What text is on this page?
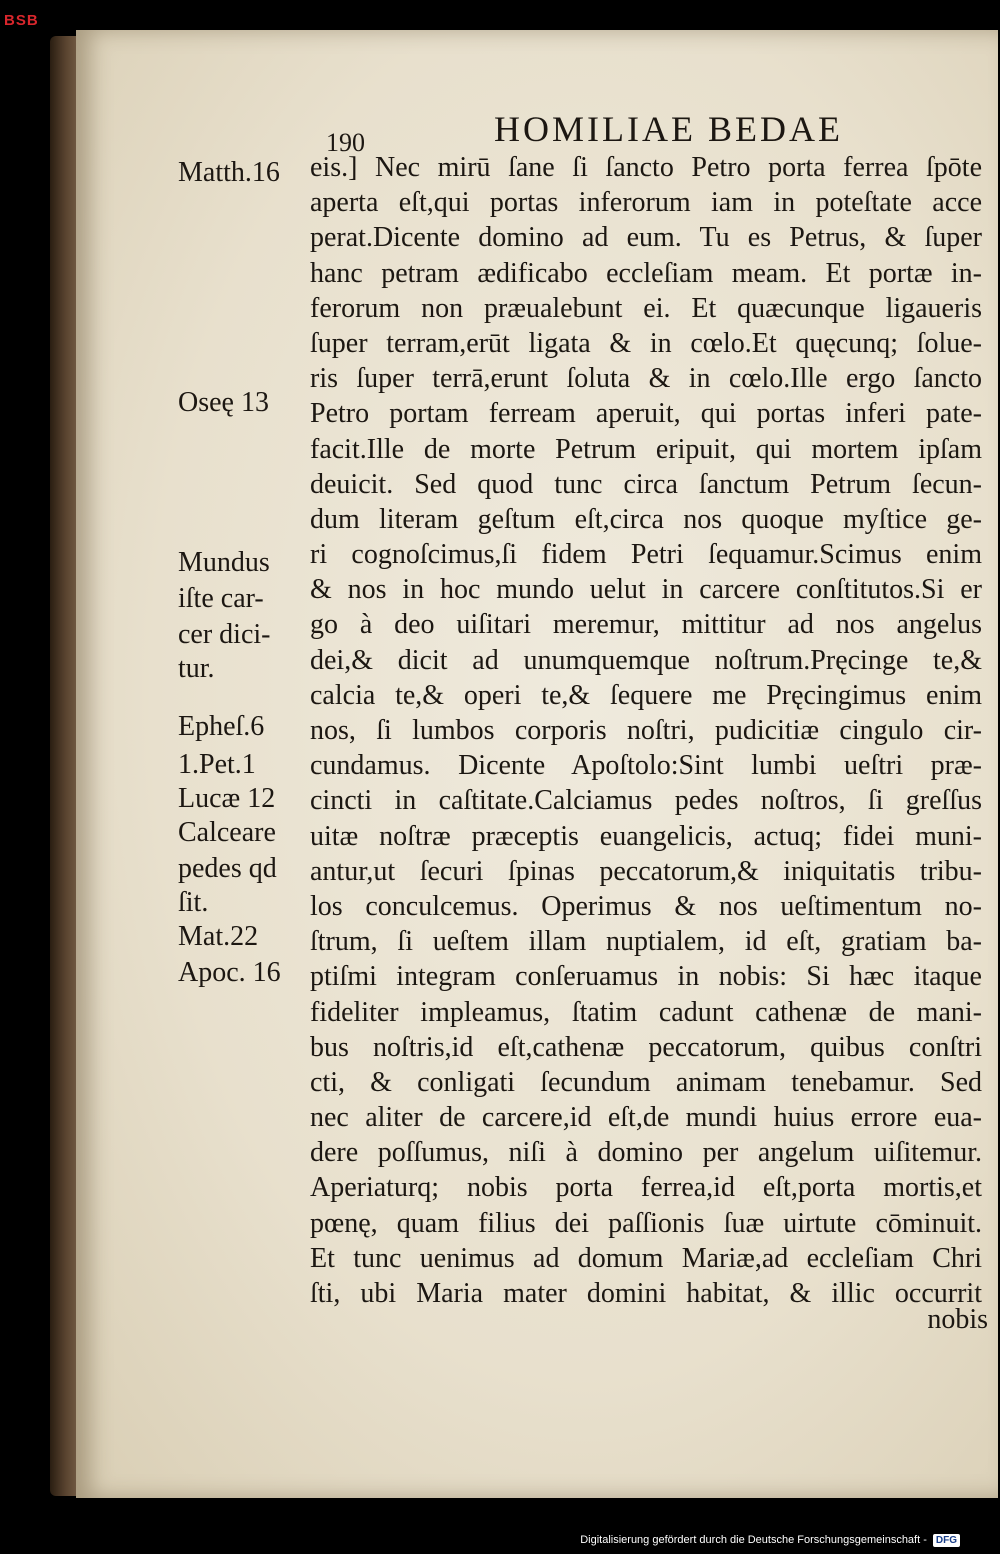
BSB
190	HOMILIAE BEDAE
Matth.16
Oseę 13
Mundus
iſte car-
cer dici-
tur.
Epheſ.6
1.Pet.1
Lucæ 12
Calceare
pedes qd
ſit.
Mat.22
Apoc. 16
eis.] Nec mirū ſane ſi ſancto Petro porta ferrea ſpōte
aperta eſt,qui portas inferorum iam in poteſtate acce
perat.Dicente domino ad eum. Tu es Petrus, & ſuper
hanc petram ædificabo eccleſiam meam. Et portæ in-
ferorum non præualebunt ei. Et quæcunque ligaueris
ſuper terram,erūt ligata & in cœlo.Et quęcunq; ſolue-
ris ſuper terrā,erunt ſoluta & in cœlo.Ille ergo ſancto
Petro portam ferream aperuit, qui portas inferi pate-
facit.Ille de morte Petrum eripuit, qui mortem ipſam
deuicit. Sed quod tunc circa ſanctum Petrum ſecun-
dum literam geſtum eſt,circa nos quoque myſtice ge-
ri cognoſcimus,ſi fidem Petri ſequamur.Scimus enim
& nos in hoc mundo uelut in carcere conſtitutos.Si er
go à deo uiſitari meremur, mittitur ad nos angelus
dei,& dicit ad unumquemque noſtrum.Pręcinge te,&
calcia te,& operi te,& ſequere me Pręcingimus enim
nos, ſi lumbos corporis noſtri, pudicitiæ cingulo cir-
cundamus. Dicente Apoſtolo:Sint lumbi ueſtri præ-
cincti in caſtitate.Calciamus pedes noſtros, ſi greſſus
uitæ noſtræ præceptis euangelicis, actuq; fidei muni-
antur,ut ſecuri ſpinas peccatorum,& iniquitatis tribu-
los conculcemus. Operimus & nos ueſtimentum no-
ſtrum, ſi ueſtem illam nuptialem, id eſt, gratiam ba-
ptiſmi integram conſeruamus in nobis: Si hæc itaque
fideliter impleamus, ſtatim cadunt cathenæ de mani-
bus noſtris,id eſt,cathenæ peccatorum, quibus conſtri
cti, & conligati ſecundum animam tenebamur. Sed
nec aliter de carcere,id eſt,de mundi huius errore eua-
dere poſſumus, niſi à domino per angelum uiſitemur.
Aperiaturq; nobis porta ferrea,id eſt,porta mortis,et
pœnę, quam filius dei paſſionis ſuæ uirtute cōminuit.
Et tunc uenimus ad domum Mariæ,ad eccleſiam Chri
ſti, ubi Maria mater domini habitat, & illic occurrit
nobis
Digitalisierung gefördert durch die Deutsche Forschungsgemeinschaft - DFG
